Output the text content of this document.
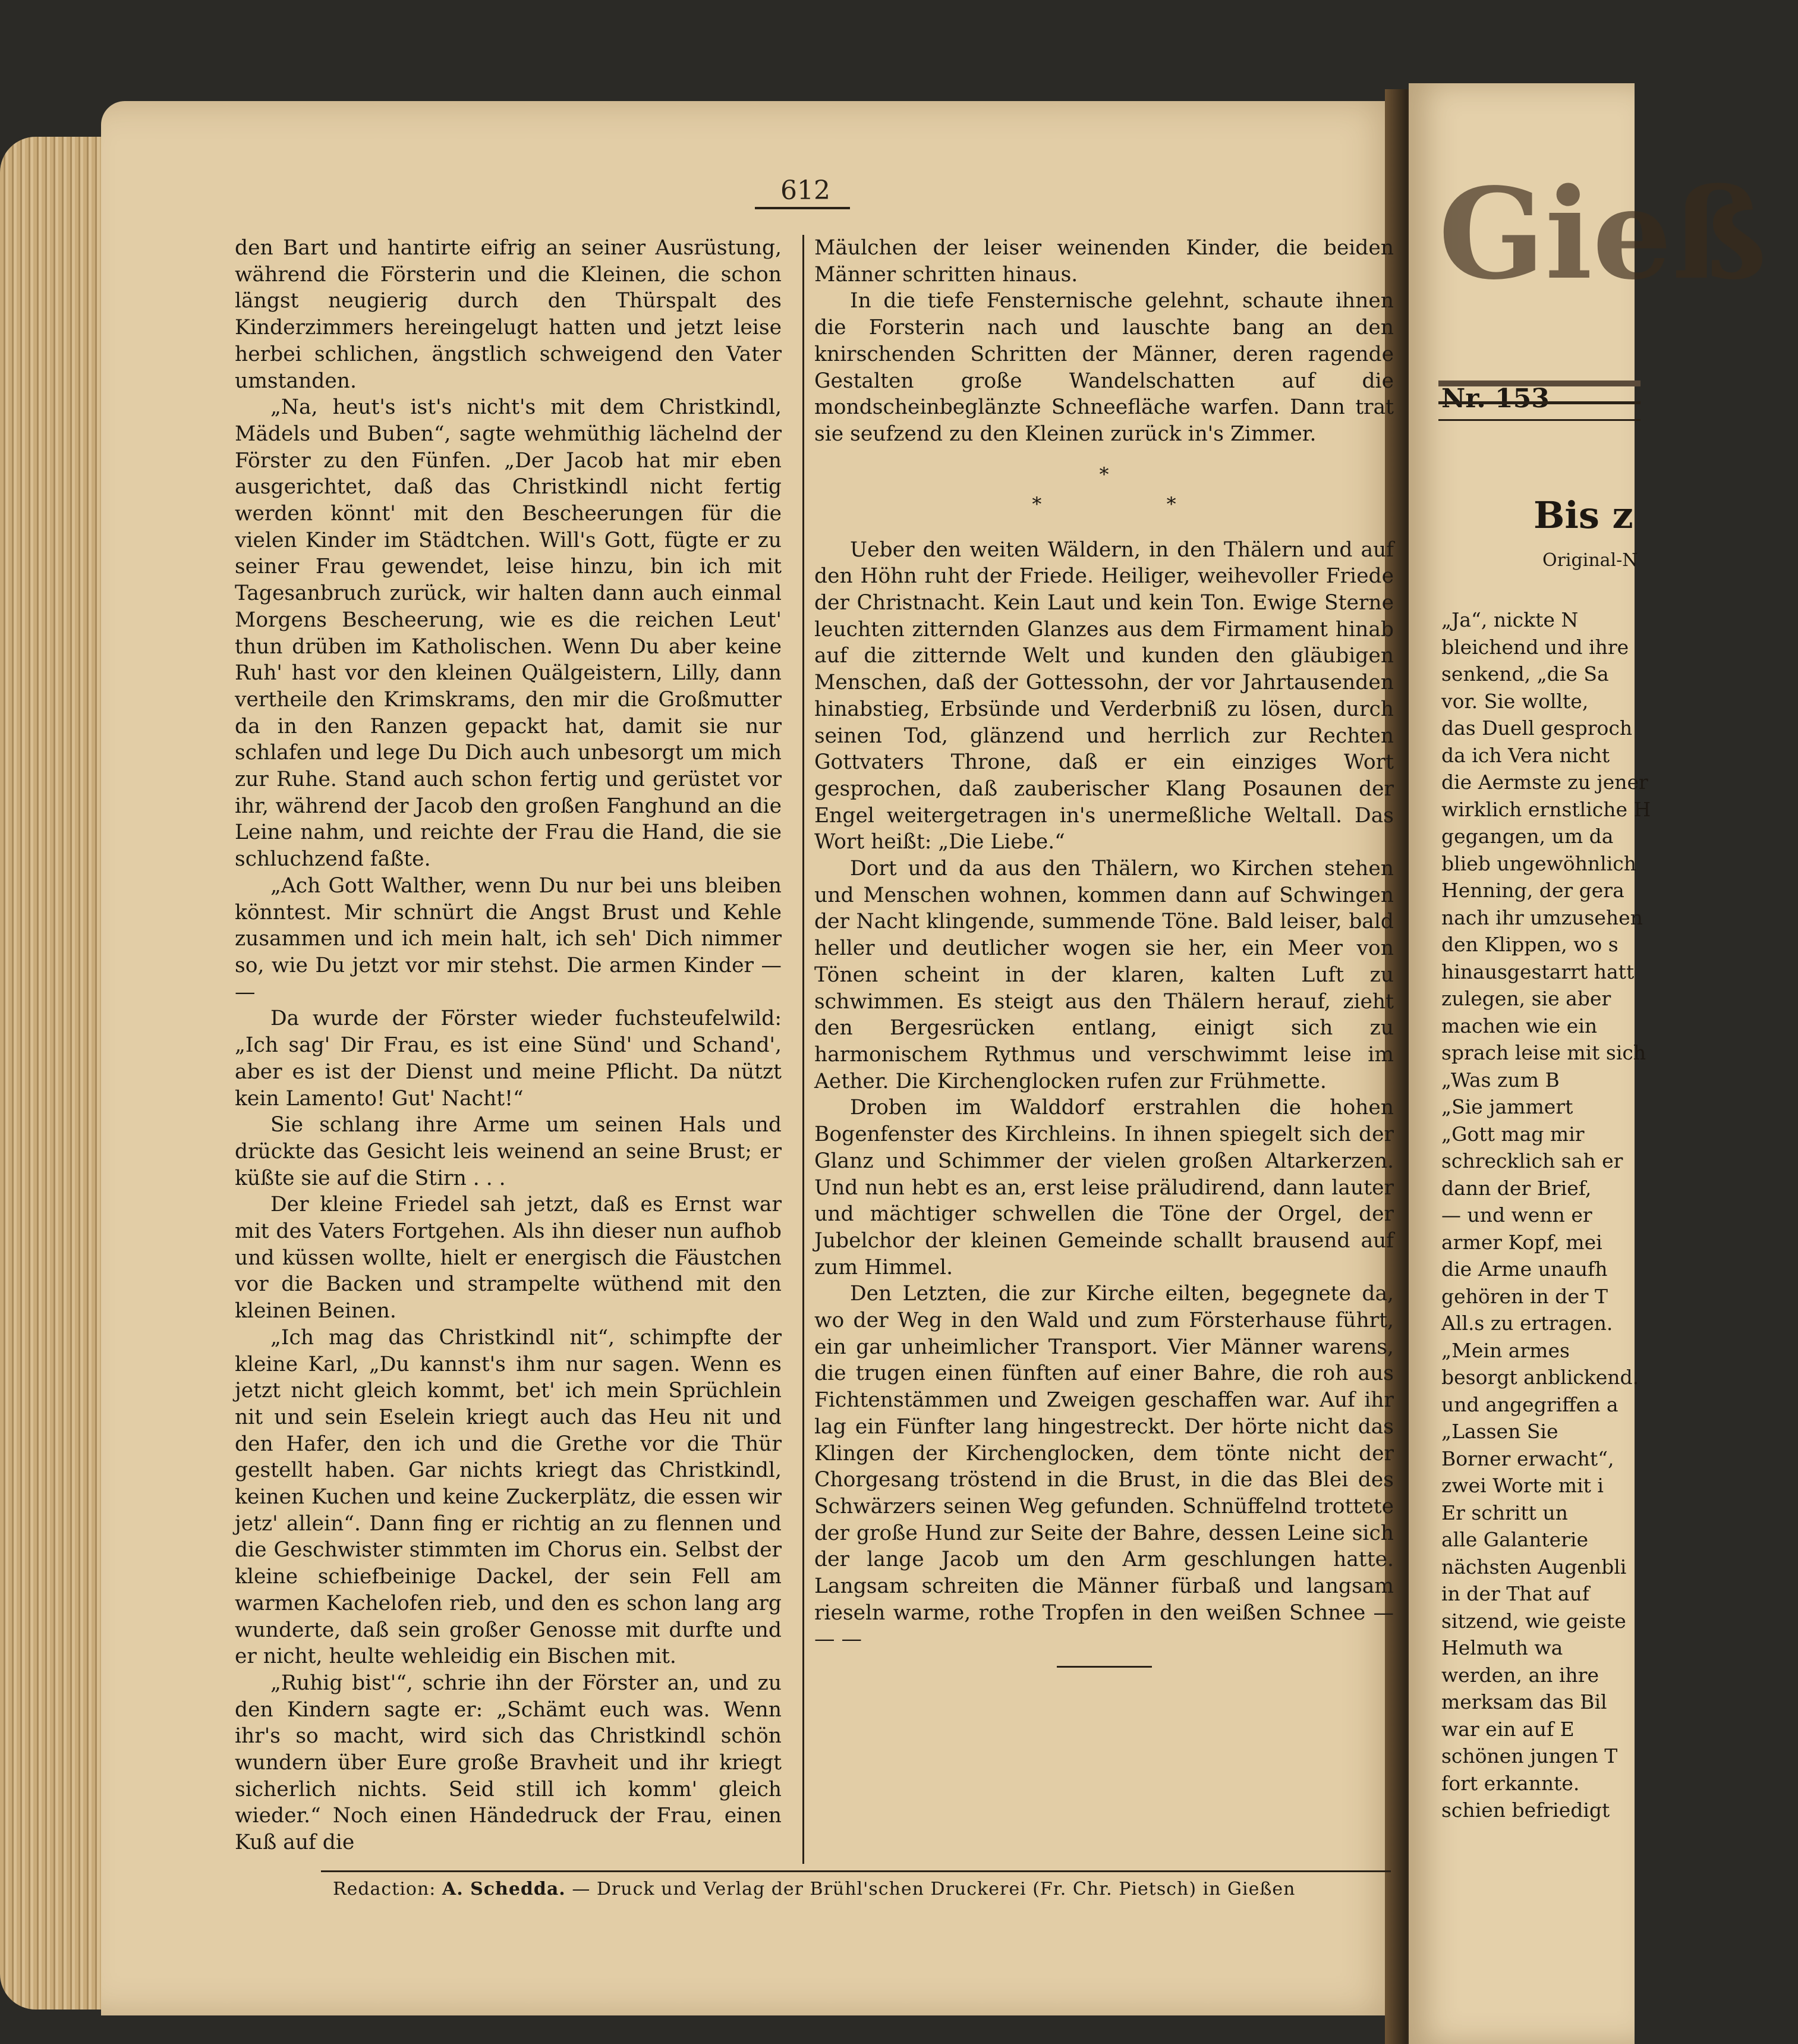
Gieß
Nr. 153
Bis z
Original-N
„Ja“, nickte N
bleichend und ihre
senkend, „die Sa
vor. Sie wollte,
das Duell gesproch
da ich Vera nicht
die Aermste zu jener
wirklich ernstliche H
gegangen, um da
blieb ungewöhnlich
Henning, der gera
nach ihr umzusehen
den Klippen, wo s
hinausgestarrt hatt
zulegen, sie aber
machen wie ein
sprach leise mit sich
„Was zum B
„Sie jammert
„Gott mag mir
schrecklich sah er
dann der Brief,
— und wenn er
armer Kopf, mei
die Arme unaufh
gehören in der T
All.s zu ertragen.
„Mein armes
besorgt anblickend.
und angegriffen a
„Lassen Sie
Borner erwacht“,
zwei Worte mit i
Er schritt un
alle Galanterie
nächsten Augenbli
in der That auf
sitzend, wie geiste
Helmuth wa
werden, an ihre
merksam das Bil
war ein auf E
schönen jungen T
fort erkannte.
schien befriedigt
612

den Bart und hantirte eifrig an seiner Ausrüstung, während die Försterin und die Kleinen, die schon längst neugierig durch den Thürspalt des Kinderzimmers hereingelugt hatten und jetzt leise herbei schlichen, ängstlich schweigend den Vater umstanden.

„Na, heut's ist's nicht's mit dem Christkindl, Mädels und Buben“, sagte wehmüthig lächelnd der Förster zu den Fünfen. „Der Jacob hat mir eben ausgerichtet, daß das Christkindl nicht fertig werden könnt' mit den Bescheerungen für die vielen Kinder im Städtchen. Will's Gott, fügte er zu seiner Frau gewendet, leise hinzu, bin ich mit Tagesanbruch zurück, wir halten dann auch einmal Morgens Bescheerung, wie es die reichen Leut' thun drüben im Katholischen. Wenn Du aber keine Ruh' hast vor den kleinen Quälgeistern, Lilly, dann vertheile den Krimskrams, den mir die Großmutter da in den Ranzen gepackt hat, damit sie nur schlafen und lege Du Dich auch unbesorgt um mich zur Ruhe. Stand auch schon fertig und gerüstet vor ihr, während der Jacob den großen Fanghund an die Leine nahm, und reichte der Frau die Hand, die sie schluchzend faßte.

„Ach Gott Walther, wenn Du nur bei uns bleiben könntest. Mir schnürt die Angst Brust und Kehle zusammen und ich mein halt, ich seh' Dich nimmer so, wie Du jetzt vor mir stehst. Die armen Kinder — —

Da wurde der Förster wieder fuchsteufelwild: „Ich sag' Dir Frau, es ist eine Sünd' und Schand', aber es ist der Dienst und meine Pflicht. Da nützt kein Lamento! Gut' Nacht!“

Sie schlang ihre Arme um seinen Hals und drückte das Gesicht leis weinend an seine Brust; er küßte sie auf die Stirn . . .

Der kleine Friedel sah jetzt, daß es Ernst war mit des Vaters Fortgehen. Als ihn dieser nun aufhob und küssen wollte, hielt er energisch die Fäustchen vor die Backen und strampelte wüthend mit den kleinen Beinen.

„Ich mag das Christkindl nit“, schimpfte der kleine Karl, „Du kannst's ihm nur sagen. Wenn es jetzt nicht gleich kommt, bet' ich mein Sprüchlein nit und sein Eselein kriegt auch das Heu nit und den Hafer, den ich und die Grethe vor die Thür gestellt haben. Gar nichts kriegt das Christkindl, keinen Kuchen und keine Zuckerplätz, die essen wir jetz' allein“. Dann fing er richtig an zu flennen und die Geschwister stimmten im Chorus ein. Selbst der kleine schiefbeinige Dackel, der sein Fell am warmen Kachelofen rieb, und den es schon lang arg wunderte, daß sein großer Genosse mit durfte und er nicht, heulte wehleidig ein Bischen mit.

„Ruhig bist'“, schrie ihn der Förster an, und zu den Kindern sagte er: „Schämt euch was. Wenn ihr's so macht, wird sich das Christkindl schön wundern über Eure große Bravheit und ihr kriegt sicherlich nichts. Seid still ich komm' gleich wieder.“ Noch einen Händedruck der Frau, einen Kuß auf die

Mäulchen der leiser weinenden Kinder, die beiden Männer schritten hinaus.

In die tiefe Fensternische gelehnt, schaute ihnen die Forsterin nach und lauschte bang an den knirschenden Schritten der Männer, deren ragende Gestalten große Wandelschatten auf die mondscheinbeglänzte Schneefläche warfen. Dann trat sie seufzend zu den Kleinen zurück in's Zimmer.

*
* *

Ueber den weiten Wäldern, in den Thälern und auf den Höhn ruht der Friede. Heiliger, weihevoller Friede der Christnacht. Kein Laut und kein Ton. Ewige Sterne leuchten zitternden Glanzes aus dem Firmament hinab auf die zitternde Welt und kunden den gläubigen Menschen, daß der Gottessohn, der vor Jahrtausenden hinabstieg, Erbsünde und Verderbniß zu lösen, durch seinen Tod, glänzend und herrlich zur Rechten Gottvaters Throne, daß er ein einziges Wort gesprochen, daß zauberischer Klang Posaunen der Engel weitergetragen in's unermeßliche Weltall. Das Wort heißt: „Die Liebe.“

Dort und da aus den Thälern, wo Kirchen stehen und Menschen wohnen, kommen dann auf Schwingen der Nacht klingende, summende Töne. Bald leiser, bald heller und deutlicher wogen sie her, ein Meer von Tönen scheint in der klaren, kalten Luft zu schwimmen. Es steigt aus den Thälern herauf, zieht den Bergesrücken entlang, einigt sich zu harmonischem Rythmus und verschwimmt leise im Aether. Die Kirchenglocken rufen zur Frühmette.

Droben im Walddorf erstrahlen die hohen Bogenfenster des Kirchleins. In ihnen spiegelt sich der Glanz und Schimmer der vielen großen Altarkerzen. Und nun hebt es an, erst leise präludirend, dann lauter und mächtiger schwellen die Töne der Orgel, der Jubelchor der kleinen Gemeinde schallt brausend auf zum Himmel.

Den Letzten, die zur Kirche eilten, begegnete da, wo der Weg in den Wald und zum Försterhause führt, ein gar unheimlicher Transport. Vier Männer warens, die trugen einen fünften auf einer Bahre, die roh aus Fichtenstämmen und Zweigen geschaffen war. Auf ihr lag ein Fünfter lang hingestreckt. Der hörte nicht das Klingen der Kirchenglocken, dem tönte nicht der Chorgesang tröstend in die Brust, in die das Blei des Schwärzers seinen Weg gefunden. Schnüffelnd trottete der große Hund zur Seite der Bahre, dessen Leine sich der lange Jacob um den Arm geschlungen hatte. Langsam schreiten die Männer fürbaß und langsam rieseln warme, rothe Tropfen in den weißen Schnee — — —

Redaction: A. Schedda. — Druck und Verlag der Brühl'schen Druckerei (Fr. Chr. Pietsch) in Gießen
